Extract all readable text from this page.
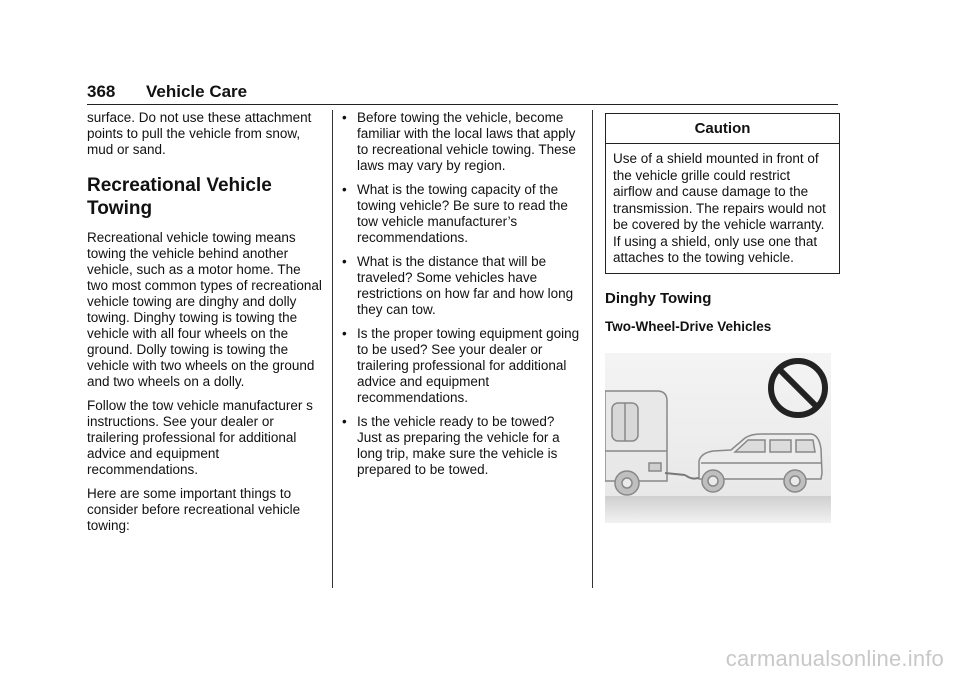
368 Vehicle Care

surface. Do not use these attachment points to pull the vehicle from snow, mud or sand.

Recreational Vehicle Towing

Recreational vehicle towing means towing the vehicle behind another vehicle, such as a motor home. The two most common types of recreational vehicle towing are dinghy and dolly towing. Dinghy towing is towing the vehicle with all four wheels on the ground. Dolly towing is towing the vehicle with two wheels on the ground and two wheels on a dolly.

Follow the tow vehicle manufacturer s instructions. See your dealer or trailering professional for additional advice and equipment recommendations.

Here are some important things to consider before recreational vehicle towing:

• Before towing the vehicle, become familiar with the local laws that apply to recreational vehicle towing. These laws may vary by region.
• What is the towing capacity of the towing vehicle? Be sure to read the tow vehicle manufacturer’s recommendations.
• What is the distance that will be traveled? Some vehicles have restrictions on how far and how long they can tow.
• Is the proper towing equipment going to be used? See your dealer or trailering professional for additional advice and equipment recommendations.
• Is the vehicle ready to be towed? Just as preparing the vehicle for a long trip, make sure the vehicle is prepared to be towed.
Caution
Use of a shield mounted in front of the vehicle grille could restrict airflow and cause damage to the transmission. The repairs would not be covered by the vehicle warranty. If using a shield, only use one that attaches to the towing vehicle.
Dinghy Towing
Two-Wheel-Drive Vehicles
carmanualsonline.info
